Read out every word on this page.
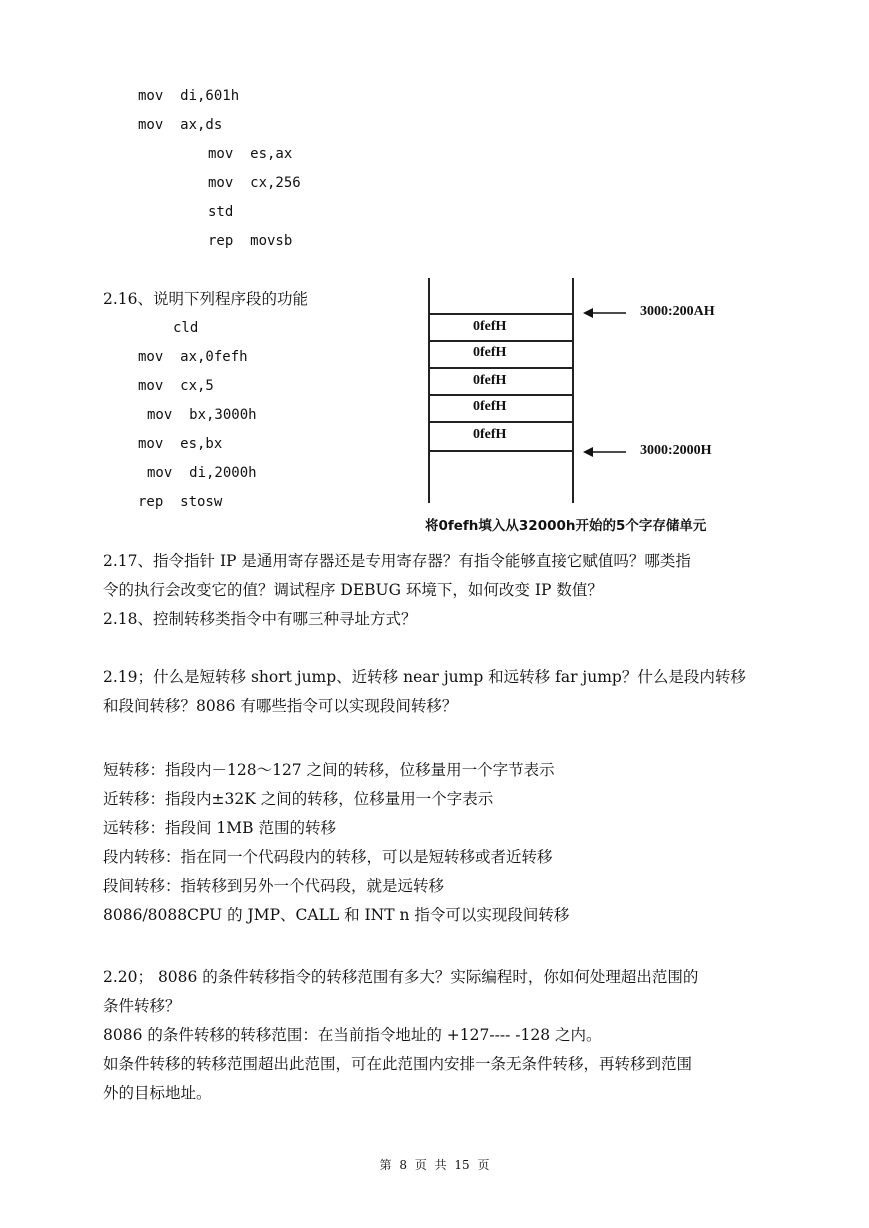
mov  di,601h
mov  ax,ds
mov  es,ax
mov  cx,256
std
rep  movsb
2.16、说明下列程序段的功能
cld
mov  ax,0fefh
mov  cx,5
mov  bx,3000h
mov  es,bx
mov  di,2000h
rep  stosw
0fefH
0fefH
0fefH
0fefH
0fefH
3000:200AH
3000:2000H
将0fefh填入从32000h开始的5个字存储单元
2.17、指令指针 IP 是通用寄存器还是专用寄存器？有指令能够直接它赋值吗？哪类指
令的执行会改变它的值？调试程序 DEBUG 环境下，如何改变 IP 数值？
2.18、控制转移类指令中有哪三种寻址方式？
2.19；什么是短转移 short jump、近转移 near jump 和远转移 far jump？什么是段内转移
和段间转移？8086 有哪些指令可以实现段间转移？
短转移：指段内－128～127 之间的转移，位移量用一个字节表示
近转移：指段内±32K 之间的转移，位移量用一个字表示
远转移：指段间 1MB 范围的转移
段内转移：指在同一个代码段内的转移，可以是短转移或者近转移
段间转移：指转移到另外一个代码段，就是远转移
8086/8088CPU 的 JMP、CALL 和 INT n 指令可以实现段间转移
2.20； 8086 的条件转移指令的转移范围有多大？实际编程时，你如何处理超出范围的
条件转移？
8086 的条件转移的转移范围：在当前指令地址的 +127---- -128 之内。
如条件转移的转移范围超出此范围，可在此范围内安排一条无条件转移，再转移到范围
外的目标地址。
第 8 页 共 15 页
